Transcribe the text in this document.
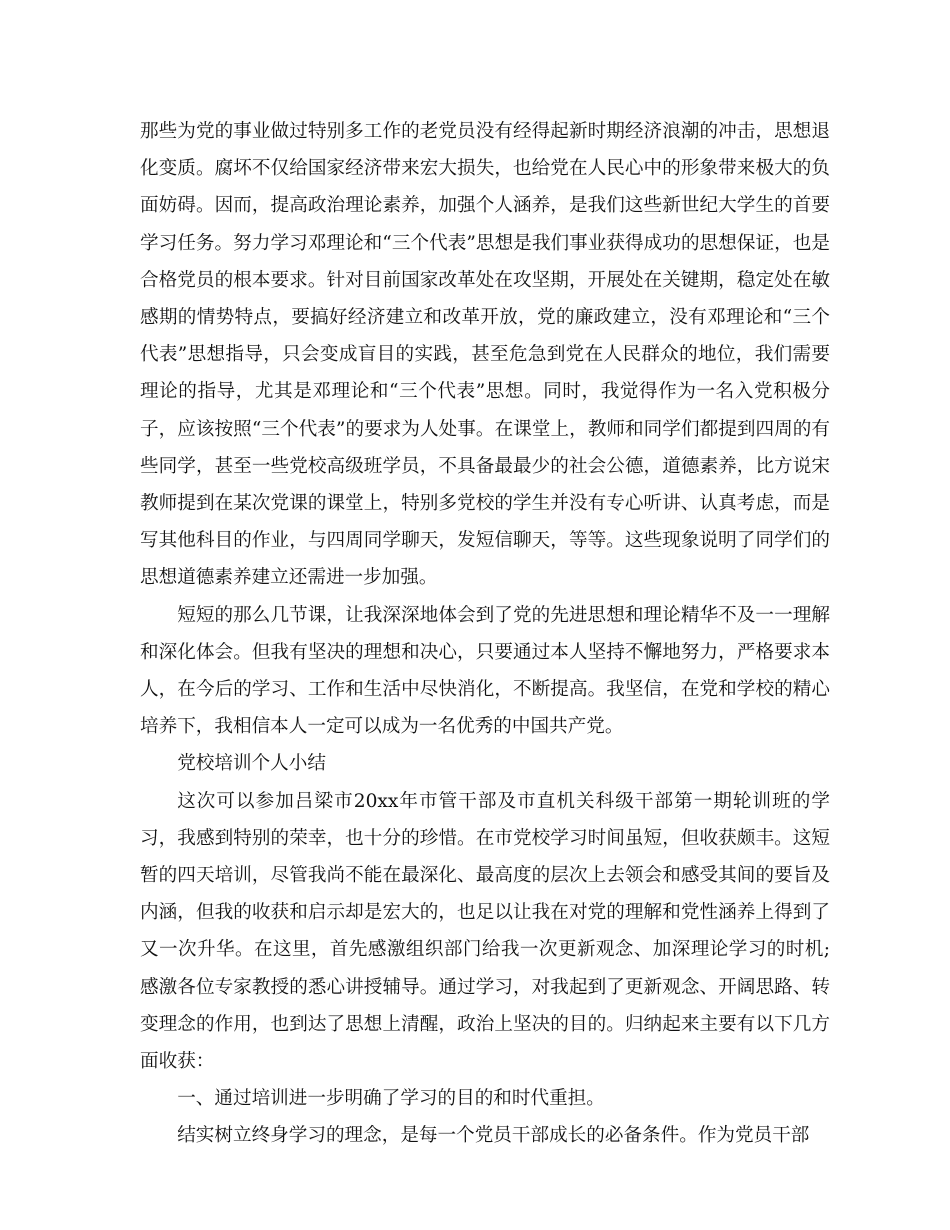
那些为党的事业做过特别多工作的老党员没有经得起新时期经济浪潮的冲击，思想退化变质。腐坏不仅给国家经济带来宏大损失，也给党在人民心中的形象带来极大的负面妨碍。因而，提高政治理论素养，加强个人涵养，是我们这些新世纪大学生的首要学习任务。努力学习邓理论和“三个代表”思想是我们事业获得成功的思想保证，也是合格党员的根本要求。针对目前国家改革处在攻坚期，开展处在关键期，稳定处在敏感期的情势特点，要搞好经济建立和改革开放，党的廉政建立，没有邓理论和“三个代表”思想指导，只会变成盲目的实践，甚至危急到党在人民群众的地位，我们需要理论的指导，尤其是邓理论和“三个代表”思想。同时，我觉得作为一名入党积极分子，应该按照“三个代表”的要求为人处事。在课堂上，教师和同学们都提到四周的有些同学，甚至一些党校高级班学员，不具备最最少的社会公德，道德素养，比方说宋教师提到在某次党课的课堂上，特别多党校的学生并没有专心听讲、认真考虑，而是写其他科目的作业，与四周同学聊天，发短信聊天，等等。这些现象说明了同学们的思想道德素养建立还需进一步加强。

短短的那么几节课，让我深深地体会到了党的先进思想和理论精华不及一一理解和深化体会。但我有坚决的理想和决心，只要通过本人坚持不懈地努力，严格要求本人，在今后的学习、工作和生活中尽快消化，不断提高。我坚信，在党和学校的精心培养下，我相信本人一定可以成为一名优秀的中国共产党。

党校培训个人小结

这次可以参加吕梁市20xx年市管干部及市直机关科级干部第一期轮训班的学习，我感到特别的荣幸，也十分的珍惜。在市党校学习时间虽短，但收获颇丰。这短暂的四天培训，尽管我尚不能在最深化、最高度的层次上去领会和感受其间的要旨及内涵，但我的收获和启示却是宏大的，也足以让我在对党的理解和党性涵养上得到了又一次升华。在这里，首先感激组织部门给我一次更新观念、加深理论学习的时机;感激各位专家教授的悉心讲授辅导。通过学习，对我起到了更新观念、开阔思路、转变理念的作用，也到达了思想上清醒，政治上坚决的目的。归纳起来主要有以下几方面收获：

一、通过培训进一步明确了学习的目的和时代重担。

结实树立终身学习的理念，是每一个党员干部成长的必备条件。作为党员干部
